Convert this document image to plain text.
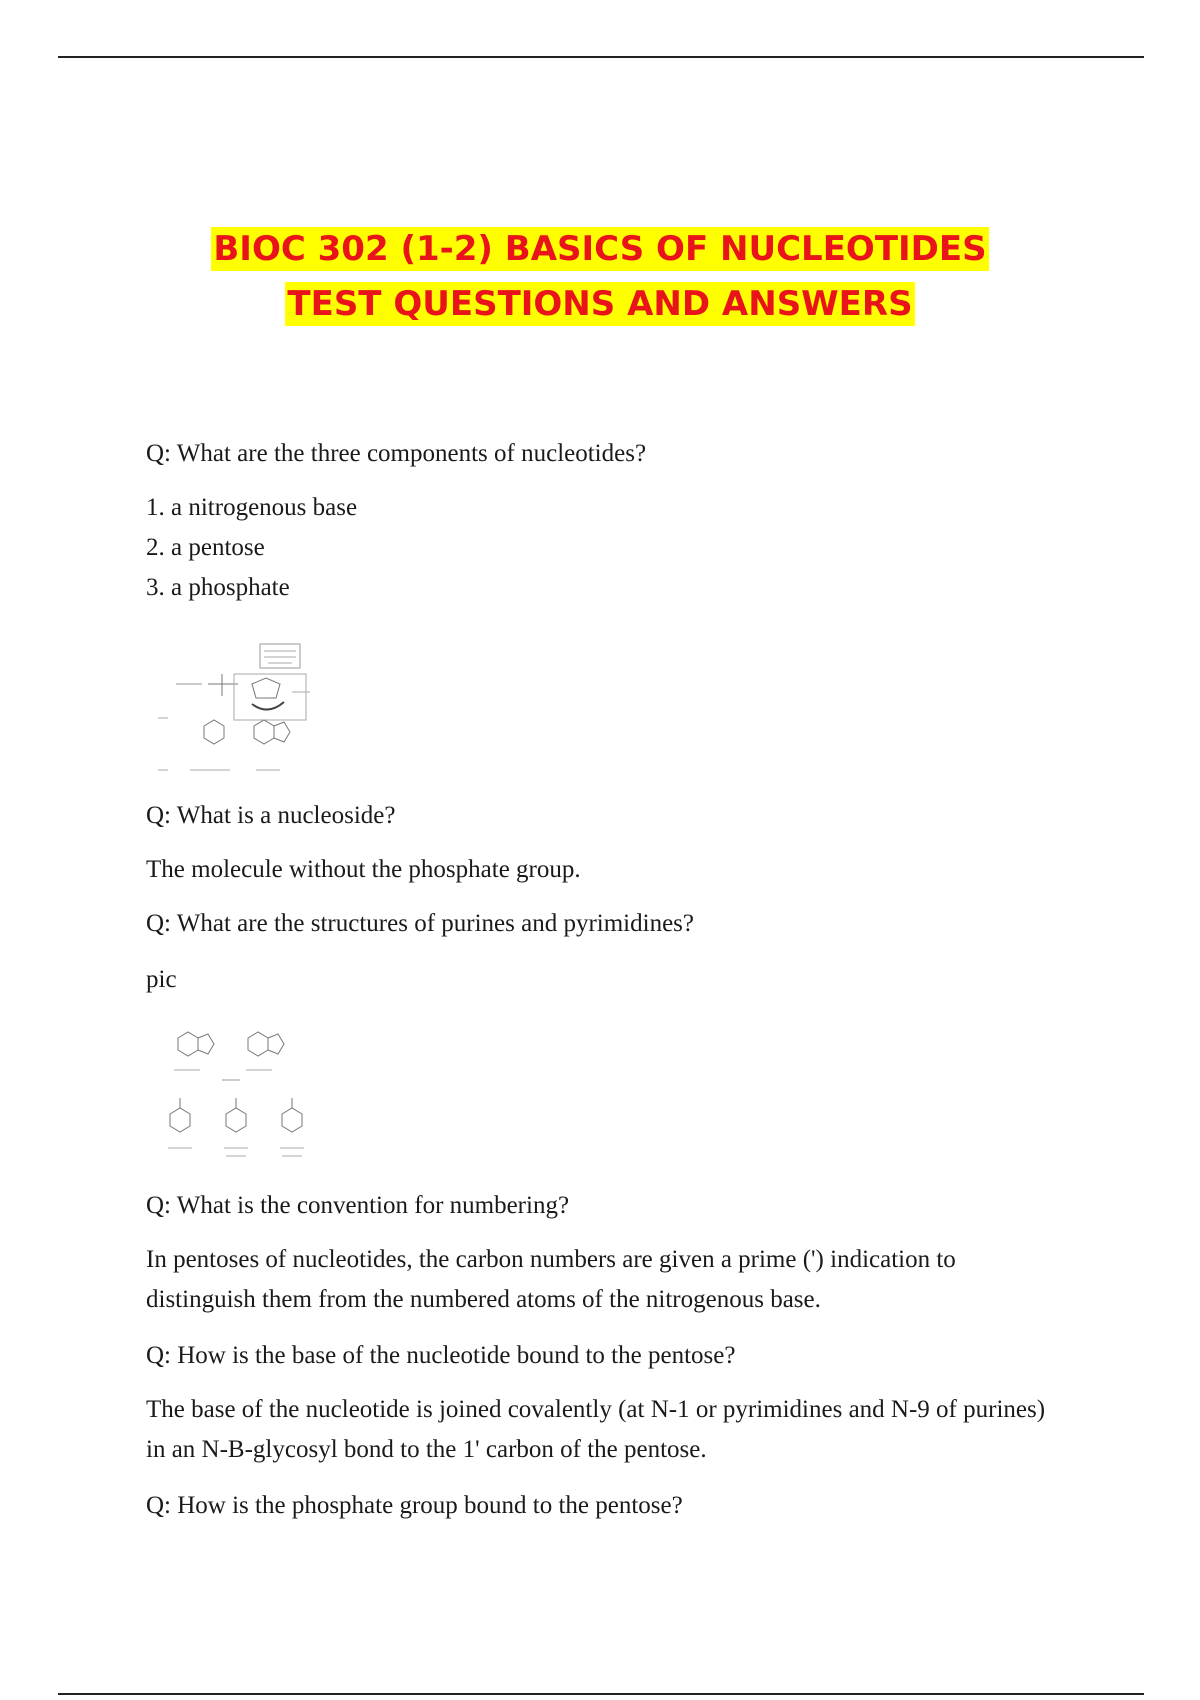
BIOC 302 (1-2) BASICS OF NUCLEOTIDES
TEST QUESTIONS AND ANSWERS
Q: What are the three components of nucleotides?
1. a nitrogenous base
2. a pentose
3. a phosphate
Q: What is a nucleoside?
The molecule without the phosphate group.
Q: What are the structures of purines and pyrimidines?
pic
Q: What is the convention for numbering?
In pentoses of nucleotides, the carbon numbers are given a prime (') indication to distinguish them from the numbered atoms of the nitrogenous base.
Q: How is the base of the nucleotide bound to the pentose?
The base of the nucleotide is joined covalently (at N-1 or pyrimidines and N-9 of purines) in an N-B-glycosyl bond to the 1' carbon of the pentose.
Q: How is the phosphate group bound to the pentose?
